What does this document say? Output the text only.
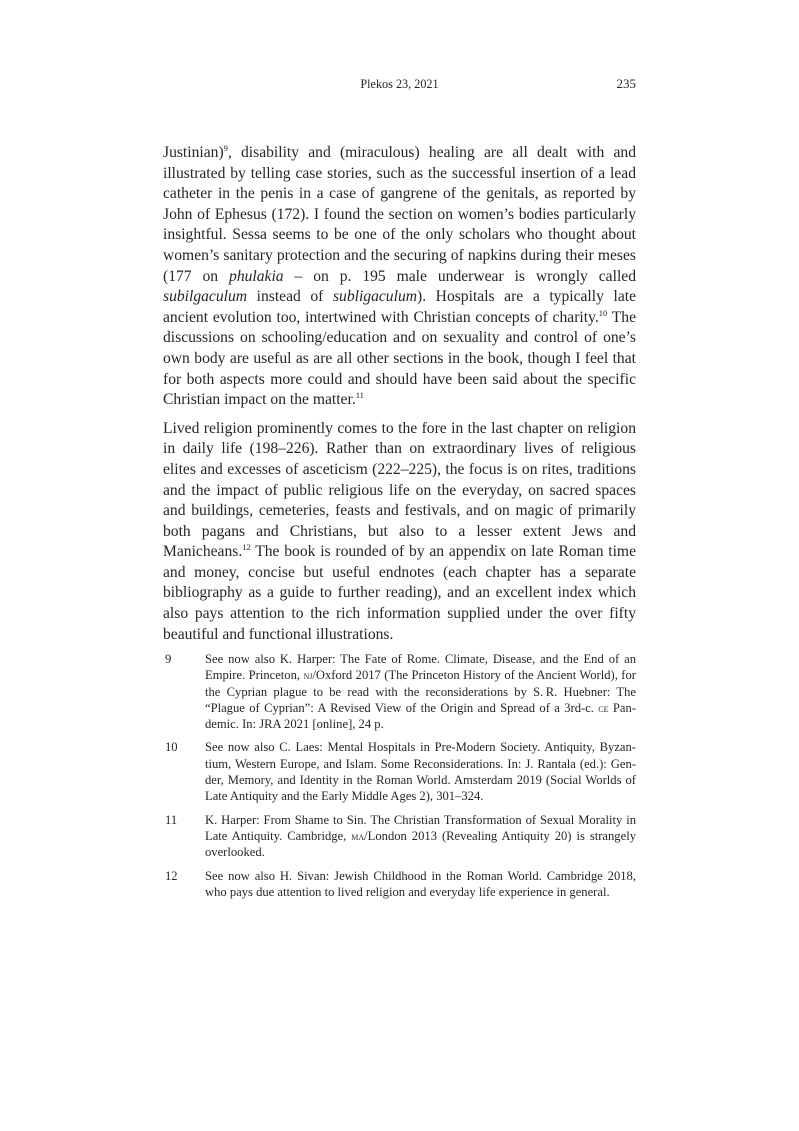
Plekos 23, 2021	235

Justinian)$^9$, disability and (miraculous) healing are all dealt with and illustrated by telling case stories, such as the successful insertion of a lead catheter in the penis in a case of gangrene of the genitals, as reported by John of Ephesus (172). I found the section on women’s bodies particularly insightful. Sessa seems to be one of the only scholars who thought about women’s sanitary protection and the securing of napkins during their meses (177 on phulakia – on p. 195 male underwear is wrongly called subilgaculum instead of subligaculum). Hospitals are a typically late ancient evolution too, intertwined with Christian concepts of charity.$^{10}$ The discussions on schooling/education and on sexuality and control of one’s own body are useful as are all other sections in the book, though I feel that for both aspects more could and should have been said about the specific Christian impact on the matter.$^{11}$

Lived religion prominently comes to the fore in the last chapter on religion in daily life (198–226). Rather than on extraordinary lives of religious elites and excesses of asceticism (222–225), the focus is on rites, traditions and the impact of public religious life on the everyday, on sacred spaces and buildings, cemeteries, feasts and festivals, and on magic of primarily both pagans and Christians, but also to a lesser extent Jews and Manicheans.$^{12}$ The book is rounded of by an appendix on late Roman time and money, concise but useful endnotes (each chapter has a separate bibliography as a guide to further reading), and an excellent index which also pays attention to the rich information supplied under the over fifty beautiful and functional illustrations.

9	See now also K. Harper: The Fate of Rome. Climate, Disease, and the End of an Empire. Princeton, nj/Oxford 2017 (The Princeton History of the Ancient World), for the Cyprian plague to be read with the reconsiderations by S. R. Huebner: The “Plague of Cyprian”: A Revised View of the Origin and Spread of a 3rd-c. ce Pandemic. In: JRA 2021 [online], 24 p.
10	See now also C. Laes: Mental Hospitals in Pre-Modern Society. Antiquity, Byzantium, Western Europe, and Islam. Some Reconsiderations. In: J. Rantala (ed.): Gender, Memory, and Identity in the Roman World. Amsterdam 2019 (Social Worlds of Late Antiquity and the Early Middle Ages 2), 301–324.
11	K. Harper: From Shame to Sin. The Christian Transformation of Sexual Morality in Late Antiquity. Cambridge, ma/London 2013 (Revealing Antiquity 20) is strangely overlooked.
12	See now also H. Sivan: Jewish Childhood in the Roman World. Cambridge 2018, who pays due attention to lived religion and everyday life experience in general.
